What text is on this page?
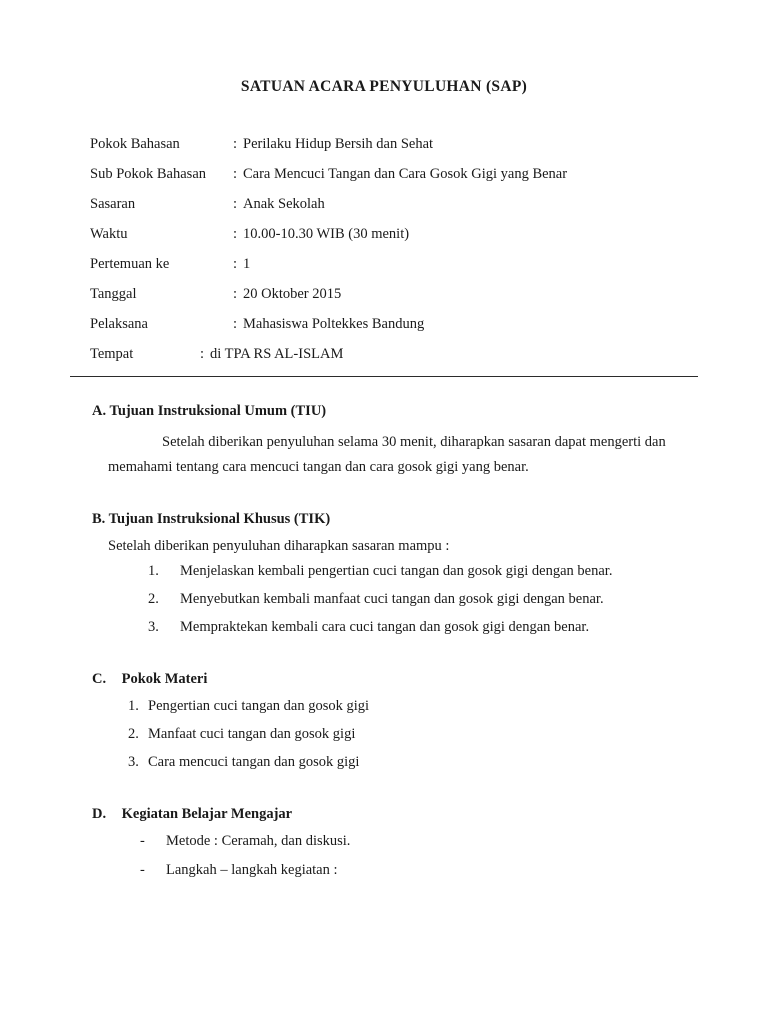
SATUAN ACARA PENYULUHAN (SAP)
Pokok Bahasan	: Perilaku Hidup Bersih dan Sehat
Sub Pokok Bahasan	: Cara Mencuci Tangan dan Cara Gosok Gigi yang Benar
Sasaran	: Anak Sekolah
Waktu	: 10.00-10.30 WIB (30 menit)
Pertemuan ke	: 1
Tanggal	: 20 Oktober 2015
Pelaksana	: Mahasiswa Poltekkes Bandung
Tempat	: di TPA RS AL-ISLAM
A. Tujuan Instruksional Umum (TIU)

Setelah diberikan penyuluhan selama 30 menit, diharapkan sasaran dapat mengerti dan memahami tentang cara mencuci tangan dan cara gosok gigi yang benar.

B. Tujuan Instruksional Khusus (TIK)

Setelah diberikan penyuluhan diharapkan sasaran mampu :

1.	Menjelaskan kembali pengertian cuci tangan dan gosok gigi dengan benar.
2.	Menyebutkan kembali manfaat cuci tangan dan gosok gigi dengan benar.
3.	Mempraktekan kembali cara cuci tangan dan gosok gigi dengan benar.
C. Pokok Materi
1. Pengertian cuci tangan dan gosok gigi
2. Manfaat cuci tangan dan gosok gigi
3. Cara mencuci tangan dan gosok gigi
D. Kegiatan Belajar Mengajar
-	Metode : Ceramah, dan diskusi.
-	Langkah – langkah kegiatan :
